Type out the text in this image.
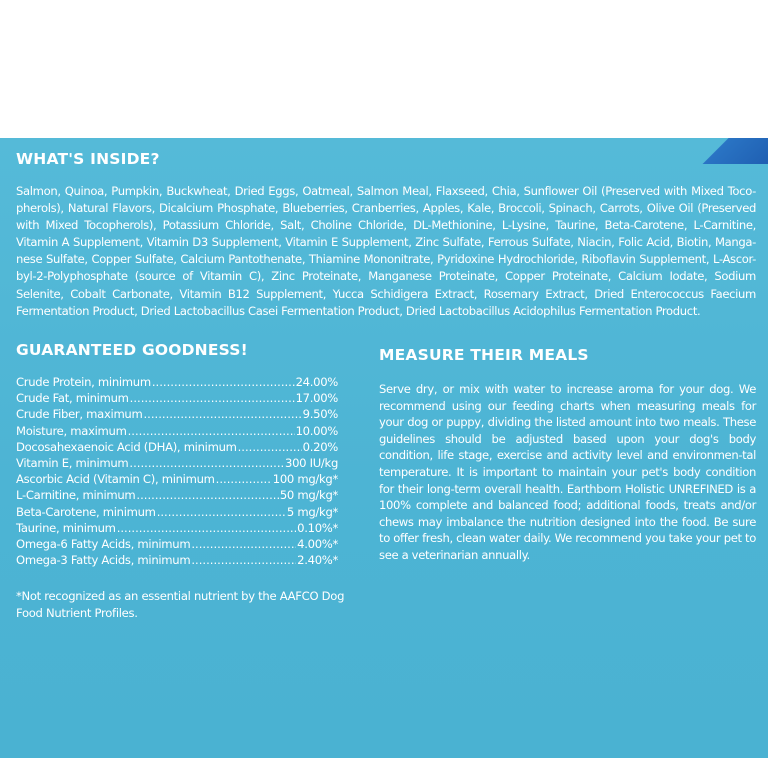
WHAT'S INSIDE?
Salmon, Quinoa, Pumpkin, Buckwheat, Dried Eggs, Oatmeal, Salmon Meal, Flaxseed, Chia, Sunflower Oil (Preserved with Mixed Toco-pherols), Natural Flavors, Dicalcium Phosphate, Blueberries, Cranberries, Apples, Kale, Broccoli, Spinach, Carrots, Olive Oil (Preserved with Mixed Tocopherols), Potassium Chloride, Salt, Choline Chloride, DL-Methionine, L-Lysine, Taurine, Beta-Carotene, L-Carnitine, Vitamin A Supplement, Vitamin D3 Supplement, Vitamin E Supplement, Zinc Sulfate, Ferrous Sulfate, Niacin, Folic Acid, Biotin, Manga-nese Sulfate, Copper Sulfate, Calcium Pantothenate, Thiamine Mononitrate, Pyridoxine Hydrochloride, Riboflavin Supplement, L-Ascor-byl-2-Polyphosphate (source of Vitamin C), Zinc Proteinate, Manganese Proteinate, Copper Proteinate, Calcium Iodate, Sodium Selenite, Cobalt Carbonate, Vitamin B12 Supplement, Yucca Schidigera Extract, Rosemary Extract, Dried Enterococcus Faecium Fermentation Product, Dried Lactobacillus Casei Fermentation Product, Dried Lactobacillus Acidophilus Fermentation Product.
GUARANTEED GOODNESS!
Crude Protein, minimum .....	24.00%
Crude Fat, minimum .....	17.00%
Crude Fiber, maximum .....	9.50%
Moisture, maximum .....	10.00%
Docosahexaenoic Acid (DHA), minimum .....	0.20%
Vitamin E, minimum .....	300 IU/kg
Ascorbic Acid (Vitamin C), minimum .....	100 mg/kg*
L-Carnitine, minimum .....	50 mg/kg*
Beta-Carotene, minimum .....	5 mg/kg*
Taurine, minimum .....	0.10%*
Omega-6 Fatty Acids, minimum .....	4.00%*
Omega-3 Fatty Acids, minimum .....	2.40%*
*Not recognized as an essential nutrient by the AAFCO Dog Food Nutrient Profiles.
MEASURE THEIR MEALS
Serve dry, or mix with water to increase aroma for your dog. We recommend using our feeding charts when measuring meals for your dog or puppy, dividing the listed amount into two meals. These guidelines should be adjusted based upon your dog's body condition, life stage, exercise and activity level and environmen-tal temperature. It is important to maintain your pet's body condition for their long-term overall health. Earthborn Holistic UNREFINED is a 100% complete and balanced food; additional foods, treats and/or chews may imbalance the nutrition designed into the food. Be sure to offer fresh, clean water daily. We recommend you take your pet to see a veterinarian annually.
